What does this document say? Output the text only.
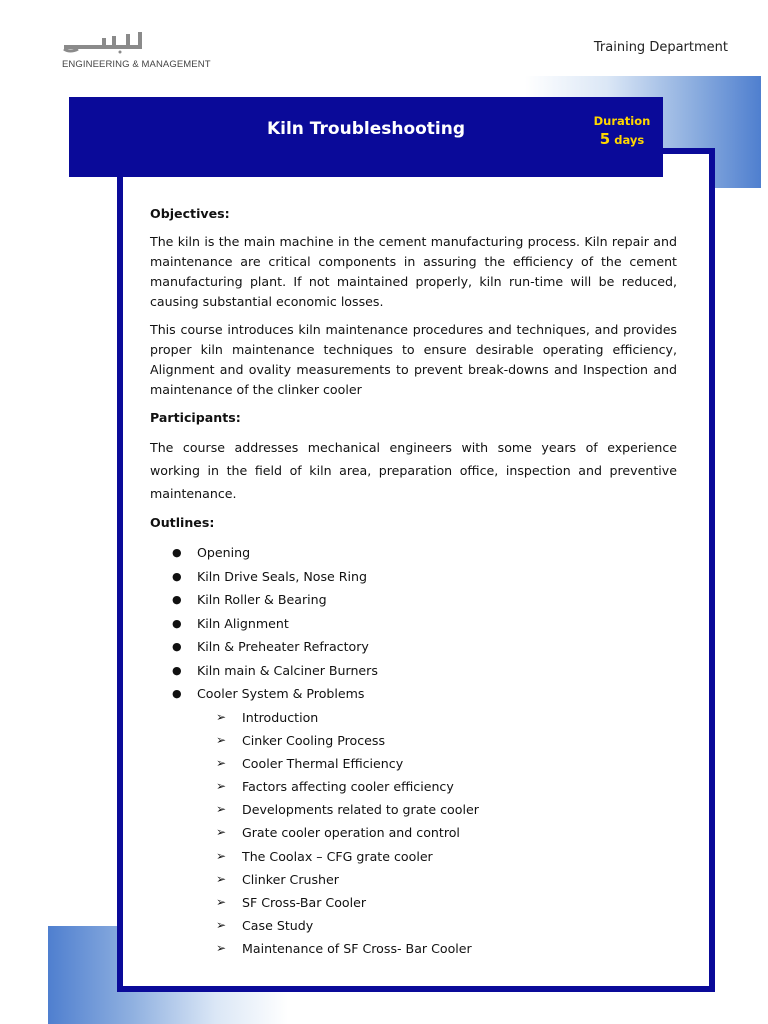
ENGINEERING & MANAGEMENT
Training Department
Kiln Troubleshooting	Duration
5 days
Objectives:

The kiln is the main machine in the cement manufacturing process. Kiln repair and maintenance are critical components in assuring the efficiency of the cement manufacturing plant. If not maintained properly, kiln run-time will be reduced, causing substantial economic losses.

This course introduces kiln maintenance procedures and techniques, and provides proper kiln maintenance techniques to ensure desirable operating efficiency, Alignment and ovality measurements to prevent break-downs and Inspection and maintenance of the clinker cooler

Participants:

The course addresses mechanical engineers with some years of experience working in the field of kiln area, preparation office, inspection and preventive maintenance.

Outlines:
● Opening
● Kiln Drive Seals, Nose Ring
● Kiln Roller & Bearing
● Kiln Alignment
● Kiln & Preheater Refractory
● Kiln main & Calciner Burners
● Cooler System & Problems
➢ Introduction
➢ Cinker Cooling Process
➢ Cooler Thermal Efficiency
➢ Factors affecting cooler efficiency
➢ Developments related to grate cooler
➢ Grate cooler operation and control
➢ The Coolax – CFG grate cooler
➢ Clinker Crusher
➢ SF Cross-Bar Cooler
➢ Case Study
➢ Maintenance of SF Cross- Bar Cooler
